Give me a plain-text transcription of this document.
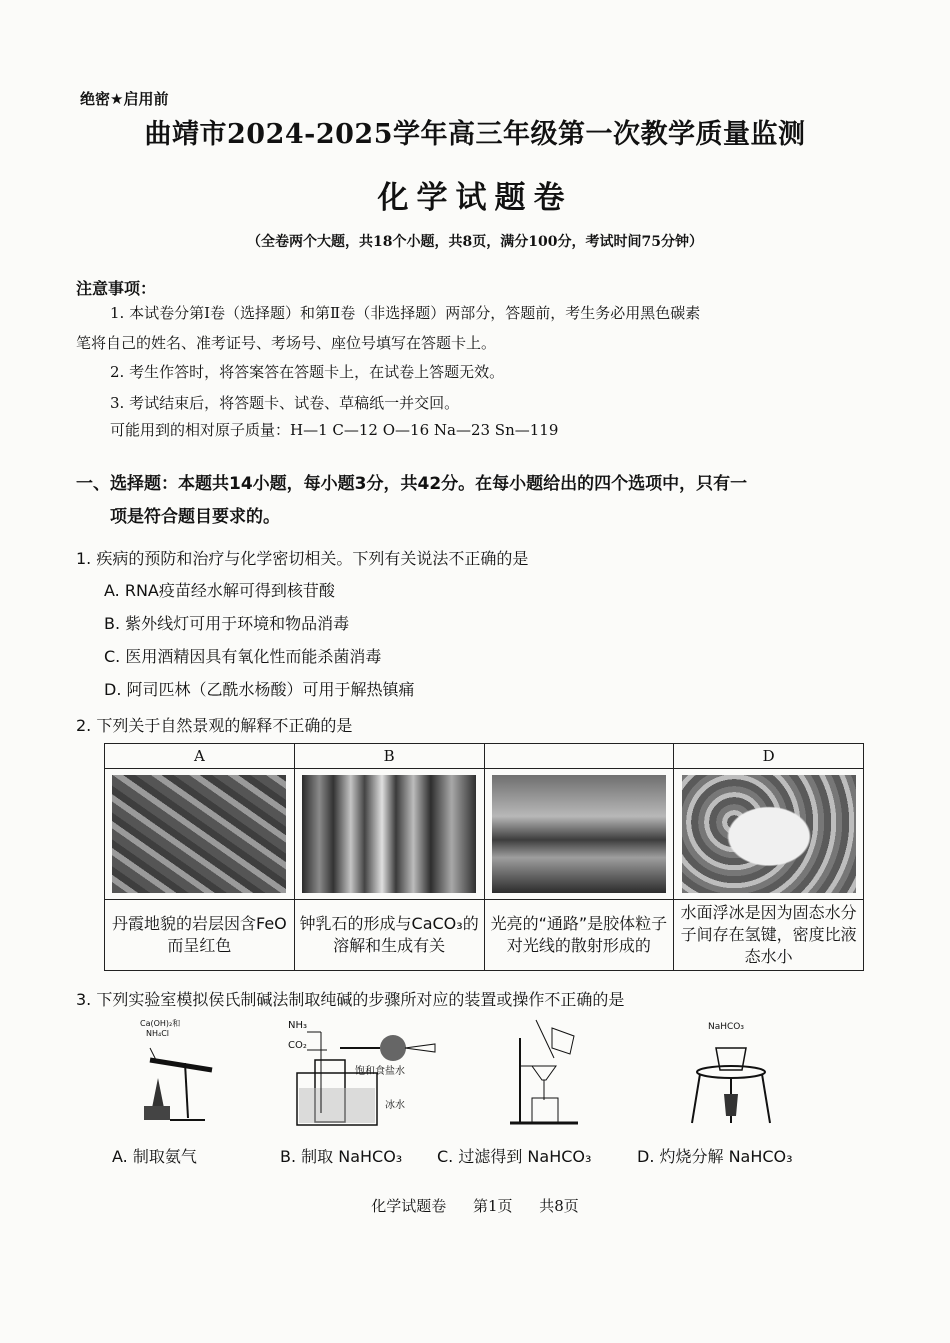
绝密★启用前
曲靖市2024-2025学年高三年级第一次教学质量监测
化学试题卷
（全卷两个大题，共18个小题，共8页，满分100分，考试时间75分钟）
注意事项：
1. 本试卷分第Ⅰ卷（选择题）和第Ⅱ卷（非选择题）两部分，答题前，考生务必用黑色碳素
笔将自己的姓名、准考证号、考场号、座位号填写在答题卡上。
2. 考生作答时，将答案答在答题卡上，在试卷上答题无效。
3. 考试结束后，将答题卡、试卷、草稿纸一并交回。
可能用到的相对原子质量：H—1 C—12 O—16 Na—23 Sn—119
一、选择题：本题共14小题，每小题3分，共42分。在每小题给出的四个选项中，只有一
项是符合题目要求的。
1. 疾病的预防和治疗与化学密切相关。下列有关说法不正确的是
A. RNA疫苗经水解可得到核苷酸
B. 紫外线灯可用于环境和物品消毒
C. 医用酒精因具有氧化性而能杀菌消毒
D. 阿司匹林（乙酰水杨酸）可用于解热镇痛
2. 下列关于自然景观的解释不正确的是
A	B		D

丹霞地貌的岩层因含FeO而呈红色	钟乳石的形成与CaCO₃的溶解和生成有关	光亮的“通路”是胶体粒子对光线的散射形成的	水面浮冰是因为固态水分子间存在氢键，密度比液态水小
3. 下列实验室模拟侯氏制碱法制取纯碱的步骤所对应的装置或操作不正确的是
Ca(OH)₂和
NH₄Cl
NH₃
CO₂
饱和食盐水
冰水
NaHCO₃
A. 制取氨气	B. 制取 NaHCO₃ C. 过滤得到 NaHCO₃	D. 灼烧分解 NaHCO₃
化学试题卷 第1页 共8页
